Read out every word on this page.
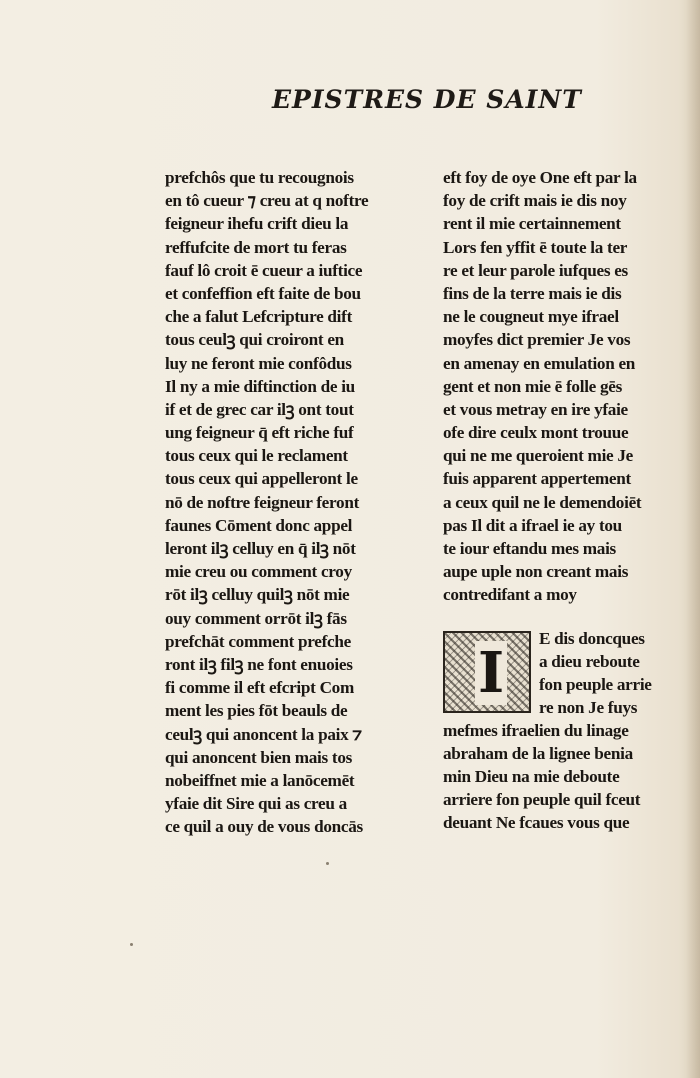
EPISTRES DE SAINT
prefchôs que tu recougnois
en tô cueur ⁊ creu at q noftre
feigneur ihefu crift dieu la
reffufcite de mort tu feras
fauf lô croit ē cueur a iuftice
et confeffion eft faite de bou
che a falut Lefcripture dift
tous ceulꝫ qui croiront en
luy ne feront mie confôdus
Il ny a mie diftinction de iu
if et de grec car ilꝫ ont tout
ung feigneur q̄ eft riche fuf
tous ceux qui le reclament
tous ceux qui appelleront le
nō de noftre feigneur feront
faunes Cōment donc appel
leront ilꝫ celluy en q̄ ilꝫ nōt
mie creu ou comment croy
rōt ilꝫ celluy quilꝫ nōt mie
ouy comment orrōt ilꝫ fās
prefchāt comment prefche
ront ilꝫ filꝫ ne font enuoies
fi comme il eft efcript Com
ment les pies fōt beauls de
ceulꝫ qui anoncent la paix ⁊
qui anoncent bien mais tos
nobeiffnet mie a lanōcemēt
yfaie dit Sire qui as creu a
ce quil a ouy de vous doncās
eft foy de oye One eft par la
foy de crift mais ie dis noy
rent il mie certainnement
Lors fen yffit ē toute la ter
re et leur parole iufques es
fins de la terre mais ie dis
ne le cougneut mye ifrael
moyfes dict premier Je vos
en amenay en emulation en
gent et non mie ē folle gēs
et vous metray en ire yfaie
ofe dire ceulx mont trouue
qui ne me queroient mie Je
fuis apparent appertement
a ceux quil ne le demendoiēt
pas Il dit a ifrael ie ay tou
te iour eftandu mes mais
aupe uple non creant mais
contredifant a moy
I
E dis doncques
a dieu reboute
fon peuple arrie
re non Je fuys
mefmes ifraelien du linage
abraham de la lignee benia
min Dieu na mie deboute
arriere fon peuple quil fceut
deuant Ne fcaues vous que
